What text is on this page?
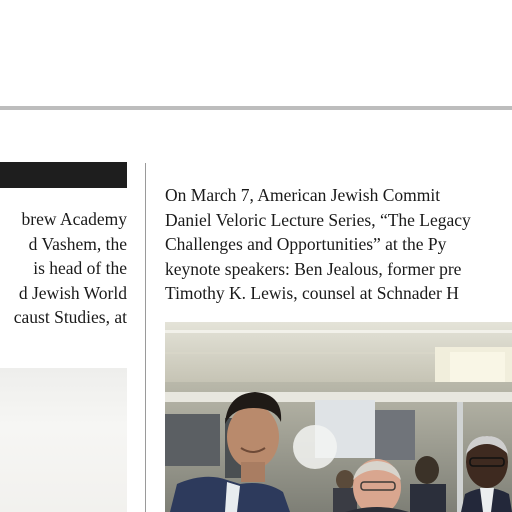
brew Academy
d Vashem, the
is head of the
d Jewish World
caust Studies, at
On March 7, American Jewish Commit
Daniel Veloric Lecture Series, “The Legacy
Challenges and Opportunities” at the Py
keynote speakers: Ben Jealous, former pre
Timothy K. Lewis, counsel at Schnader H
